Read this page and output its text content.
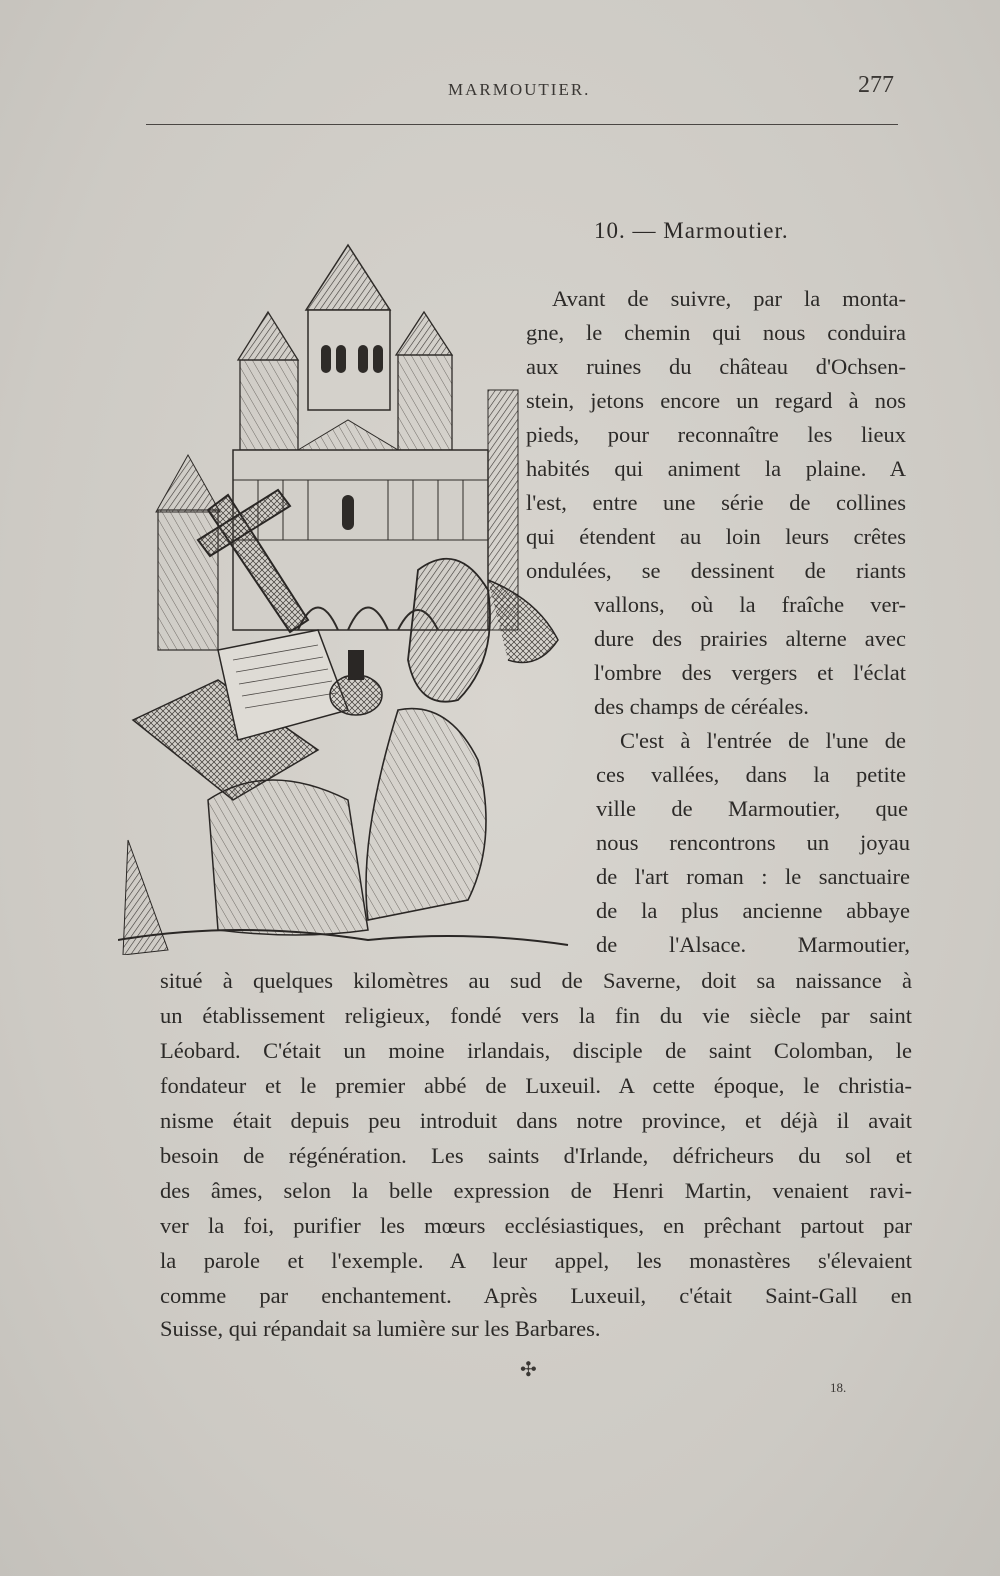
MARMOUTIER.	277
10. — Marmoutier.
Avant de suivre, par la monta-
gne, le chemin qui nous conduira
aux ruines du château d'Ochsen-
stein, jetons encore un regard à nos
pieds, pour reconnaître les lieux
habités qui animent la plaine. A
l'est, entre une série de collines
qui étendent au loin leurs crêtes
ondulées, se dessinent de riants
vallons, où la fraîche ver-
dure des prairies alterne avec
l'ombre des vergers et l'éclat
des champs de céréales.
C'est à l'entrée de l'une de
ces vallées, dans la petite
ville de Marmoutier, que
nous rencontrons un joyau
de l'art roman : le sanctuaire
de la plus ancienne abbaye
de l'Alsace. Marmoutier,
situé à quelques kilomètres au sud de Saverne, doit sa naissance à
un établissement religieux, fondé vers la fin du vie siècle par saint
Léobard. C'était un moine irlandais, disciple de saint Colomban, le
fondateur et le premier abbé de Luxeuil. A cette époque, le christia-
nisme était depuis peu introduit dans notre province, et déjà il avait
besoin de régénération. Les saints d'Irlande, défricheurs du sol et
des âmes, selon la belle expression de Henri Martin, venaient ravi-
ver la foi, purifier les mœurs ecclésiastiques, en prêchant partout par
la parole et l'exemple. A leur appel, les monastères s'élevaient
comme par enchantement. Après Luxeuil, c'était Saint-Gall en
Suisse, qui répandait sa lumière sur les Barbares.
✣
18.
